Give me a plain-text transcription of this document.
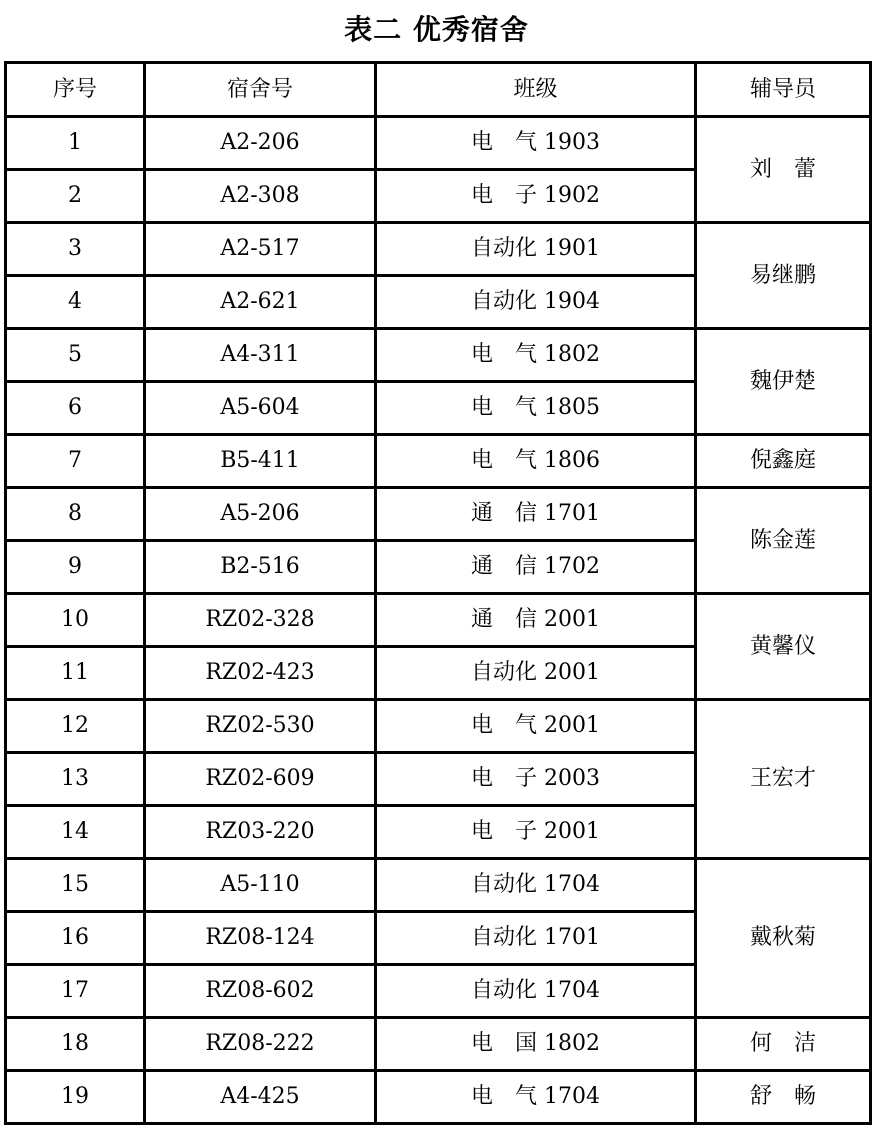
表二 优秀宿舍
序号	宿舍号	班级	辅导员
1	A2-206	电　气 1903	刘　蕾
2	A2-308	电　子 1902	
3	A2-517	自动化 1901	易继鹏
4	A2-621	自动化 1904	
5	A4-311	电　气 1802	魏伊楚
6	A5-604	电　气 1805	
7	B5-411	电　气 1806	倪鑫庭
8	A5-206	通　信 1701	陈金莲
9	B2-516	通　信 1702	
10	RZ02-328	通　信 2001	黄馨仪
11	RZ02-423	自动化 2001	
12	RZ02-530	电　气 2001	王宏才
13	RZ02-609	电　子 2003	
14	RZ03-220	电　子 2001	
15	A5-110	自动化 1704	戴秋菊
16	RZ08-124	自动化 1701	
17	RZ08-602	自动化 1704	
18	RZ08-222	电　国 1802	何　洁
19	A4-425	电　气 1704	舒　畅
